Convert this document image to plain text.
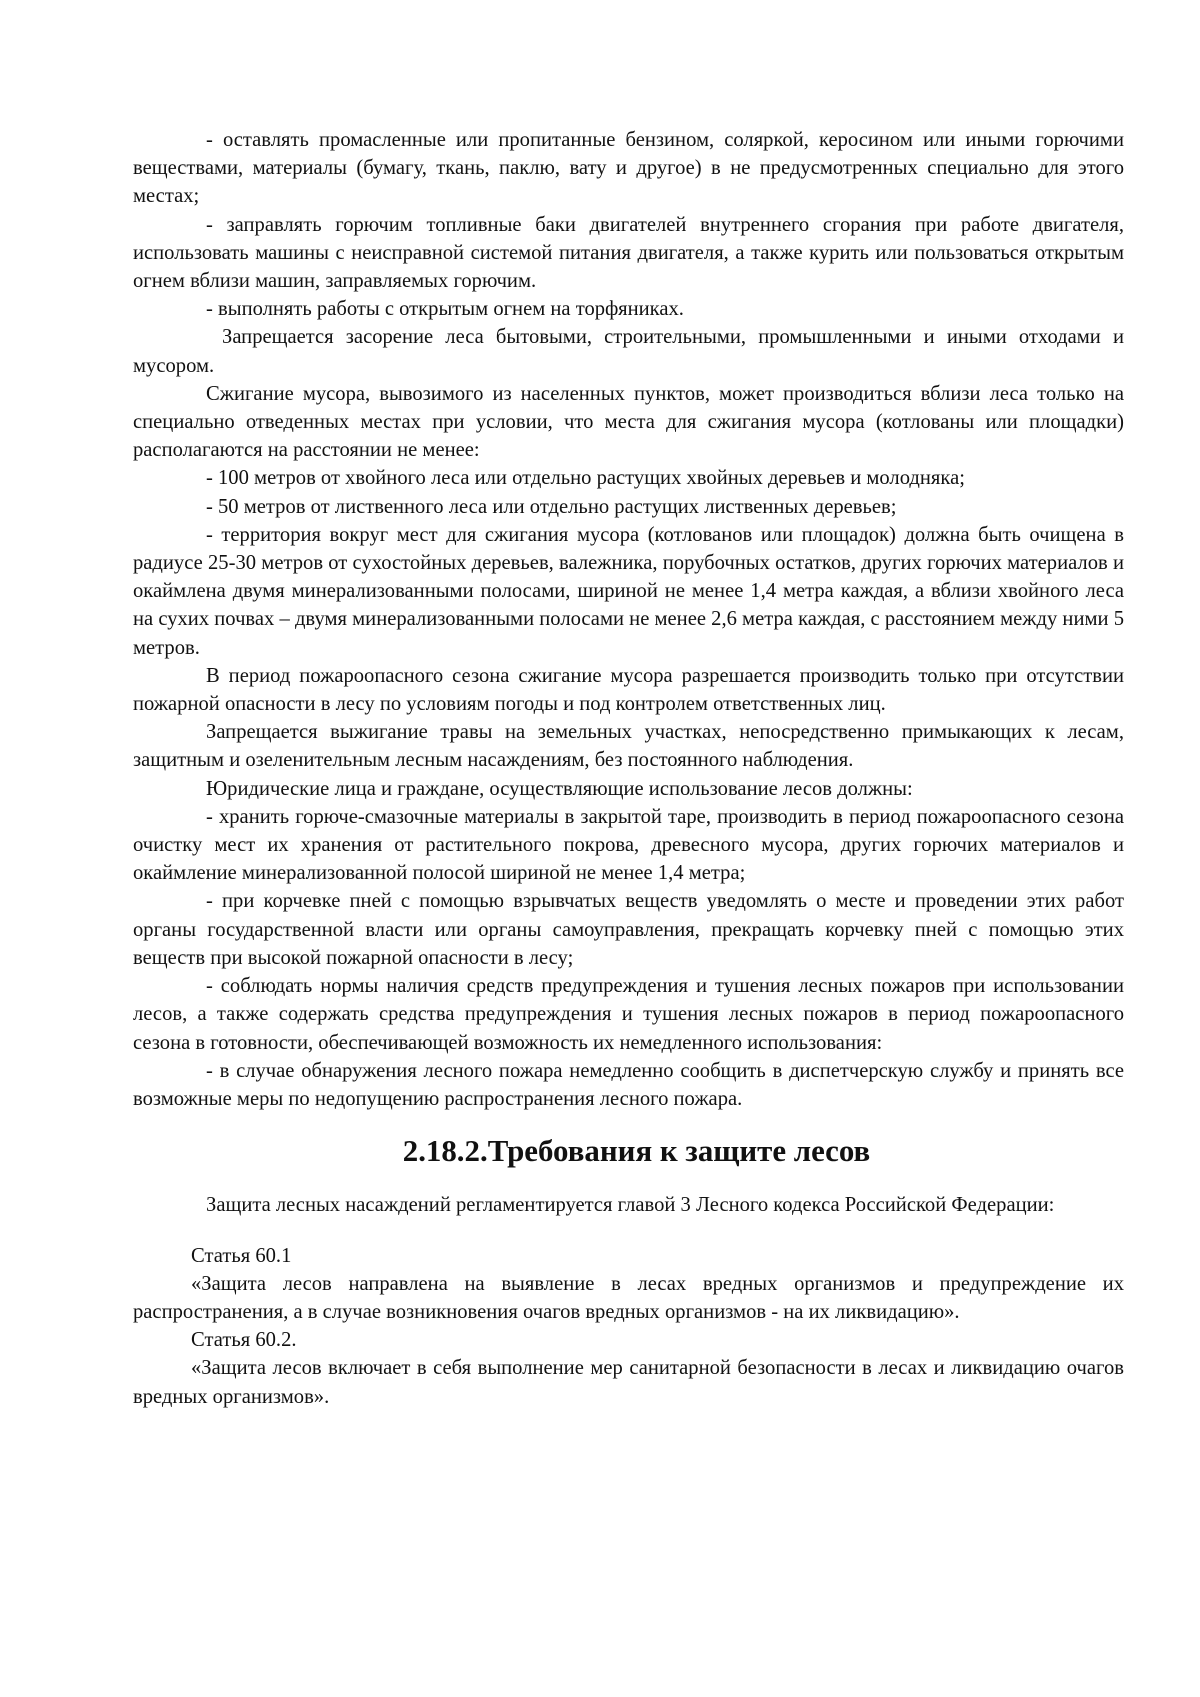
- оставлять промасленные или пропитанные бензином, соляркой, керосином или иными горючими веществами, материалы (бумагу, ткань, паклю, вату и другое) в не предусмотренных специально для этого местах;

- заправлять горючим топливные баки двигателей внутреннего сгорания при работе двигателя, использовать машины с неисправной системой питания двигателя, а также курить или пользоваться открытым огнем вблизи машин, заправляемых горючим.

- выполнять работы с открытым огнем на торфяниках.

Запрещается засорение леса бытовыми, строительными, промышленными и иными отходами и мусором.

Сжигание мусора, вывозимого из населенных пунктов, может производиться вблизи леса только на специально отведенных местах при условии, что места для сжигания мусора (котлованы или площадки) располагаются на расстоянии не менее:

- 100 метров от хвойного леса или отдельно растущих хвойных деревьев и молодняка;

- 50 метров от лиственного леса или отдельно растущих лиственных деревьев;

- территория вокруг мест для сжигания мусора (котлованов или площадок) должна быть очищена в радиусе 25-30 метров от сухостойных деревьев, валежника, порубочных остатков, других горючих материалов и окаймлена двумя минерализованными полосами, шириной не менее 1,4 метра каждая, а вблизи хвойного леса на сухих почвах – двумя минерализованными полосами не менее 2,6 метра каждая, с расстоянием между ними 5 метров.

В период пожароопасного сезона сжигание мусора разрешается производить только при отсутствии пожарной опасности в лесу по условиям погоды и под контролем ответственных лиц.

Запрещается выжигание травы на земельных участках, непосредственно примыкающих к лесам, защитным и озеленительным лесным насаждениям, без постоянного наблюдения.

Юридические лица и граждане, осуществляющие использование лесов должны:

- хранить горюче-смазочные материалы в закрытой таре, производить в период пожароопасного сезона очистку мест их хранения от растительного покрова, древесного мусора, других горючих материалов и окаймление минерализованной полосой шириной не менее 1,4 метра;

- при корчевке пней с помощью взрывчатых веществ уведомлять о месте и проведении этих работ органы государственной власти или органы самоуправления, прекращать корчевку пней с помощью этих веществ при высокой пожарной опасности в лесу;

- соблюдать нормы наличия средств предупреждения и тушения лесных пожаров при использовании лесов, а также содержать средства предупреждения и тушения лесных пожаров в период пожароопасного сезона в готовности, обеспечивающей возможность их немедленного использования:

- в случае обнаружения лесного пожара немедленно сообщить в диспетчерскую службу и принять все возможные меры по недопущению распространения лесного пожара.

2.18.2.Требования к защите лесов

Защита лесных насаждений регламентируется главой 3 Лесного кодекса Российской Федерации:

Статья 60.1

«Защита лесов направлена на выявление в лесах вредных организмов и предупреждение их распространения, а в случае возникновения очагов вредных организмов - на их ликвидацию».

Статья 60.2.

«Защита лесов включает в себя выполнение мер санитарной безопасности в лесах и ликвидацию очагов вредных организмов».
